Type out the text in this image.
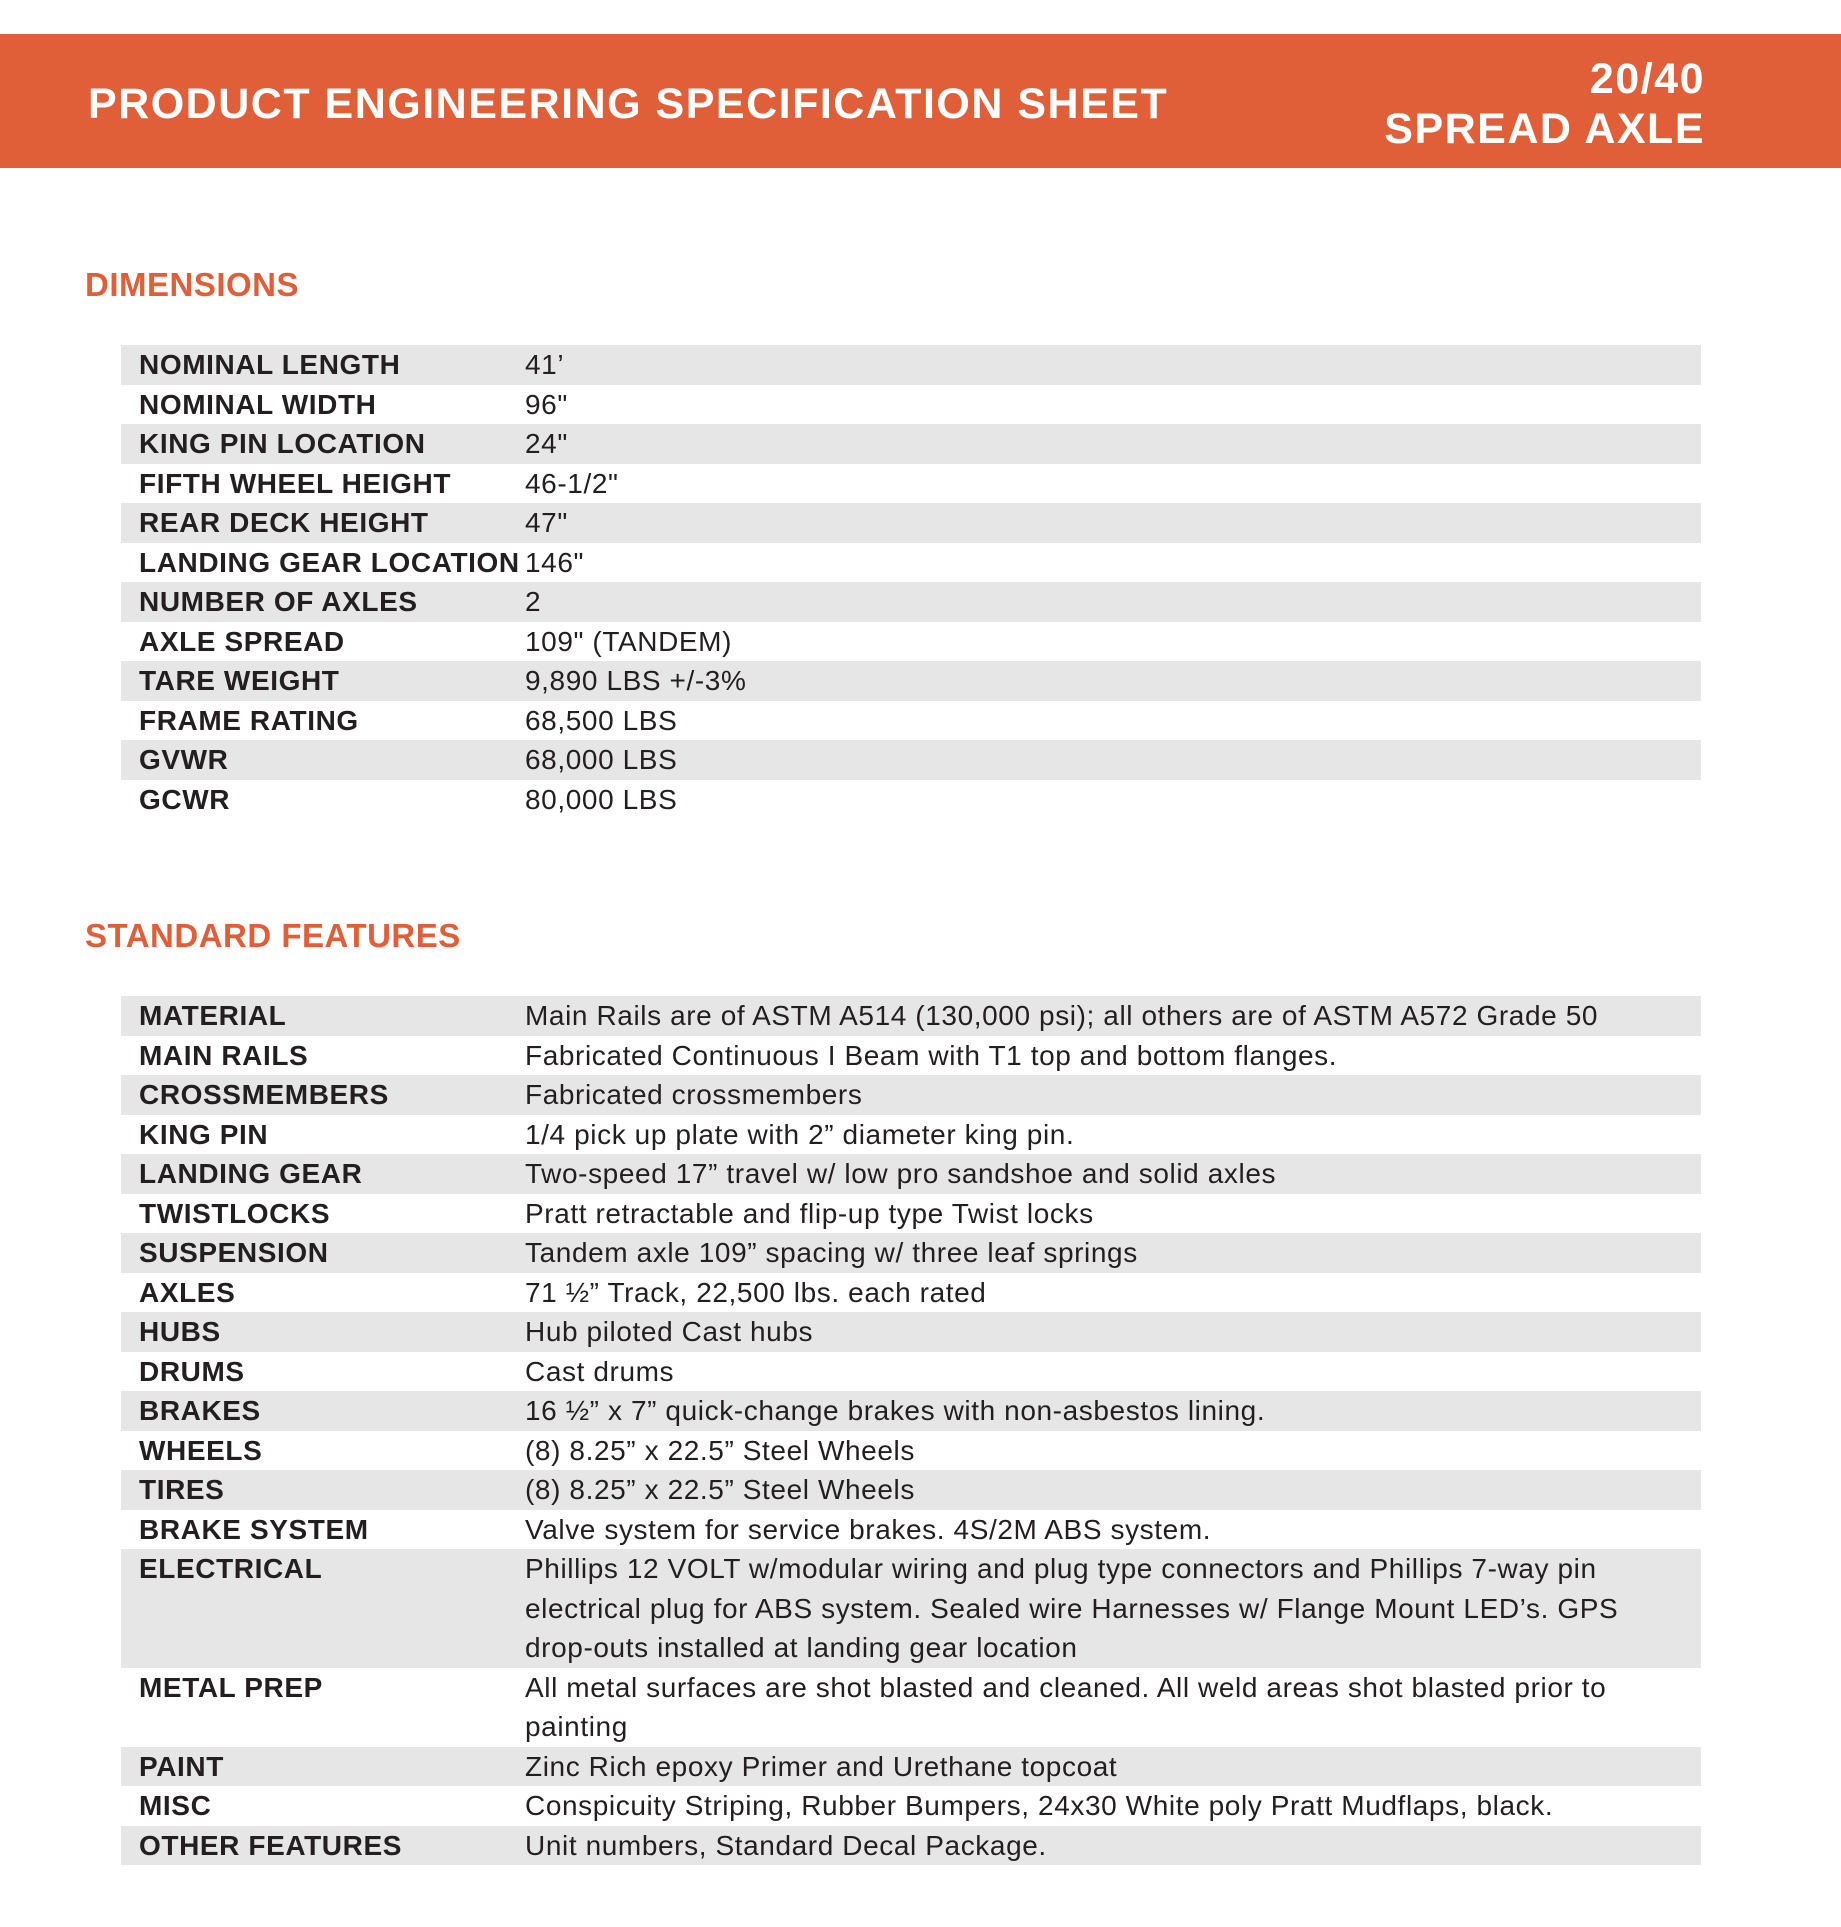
PRODUCT ENGINEERING SPECIFICATION SHEET
20/40
SPREAD AXLE
DIMENSIONS
NOMINAL LENGTH	41’
NOMINAL WIDTH	96"
KING PIN LOCATION	24"
FIFTH WHEEL HEIGHT	46-1/2"
REAR DECK HEIGHT	47"
LANDING GEAR LOCATION 146"
NUMBER OF AXLES	2
AXLE SPREAD	109" (TANDEM)
TARE WEIGHT	9,890 LBS +/-3%
FRAME RATING	68,500 LBS
GVWR	68,000 LBS
GCWR	80,000 LBS
STANDARD FEATURES
MATERIAL	Main Rails are of ASTM A514 (130,000 psi); all others are of ASTM A572 Grade 50
MAIN RAILS	Fabricated Continuous I Beam with T1 top and bottom flanges.
CROSSMEMBERS	Fabricated crossmembers
KING PIN	1/4 pick up plate with 2” diameter king pin.
LANDING GEAR	Two-speed 17” travel w/ low pro sandshoe and solid axles
TWISTLOCKS	Pratt retractable and flip-up type Twist locks
SUSPENSION	Tandem axle 109” spacing w/ three leaf springs
AXLES	71 ½” Track, 22,500 lbs. each rated
HUBS	Hub piloted Cast hubs
DRUMS	Cast drums
BRAKES	16 ½” x 7” quick-change brakes with non-asbestos lining.
WHEELS	(8) 8.25” x 22.5” Steel Wheels
TIRES	(8) 8.25” x 22.5” Steel Wheels
BRAKE SYSTEM	Valve system for service brakes. 4S/2M ABS system.
ELECTRICAL	Phillips 12 VOLT w/modular wiring and plug type connectors and Phillips 7-way pin electrical plug for ABS system. Sealed wire Harnesses w/ Flange Mount LED’s. GPS drop-outs installed at landing gear location
METAL PREP	All metal surfaces are shot blasted and cleaned. All weld areas shot blasted prior to painting
PAINT	Zinc Rich epoxy Primer and Urethane topcoat
MISC	Conspicuity Striping, Rubber Bumpers, 24x30 White poly Pratt Mudflaps, black.
OTHER FEATURES	Unit numbers, Standard Decal Package.
